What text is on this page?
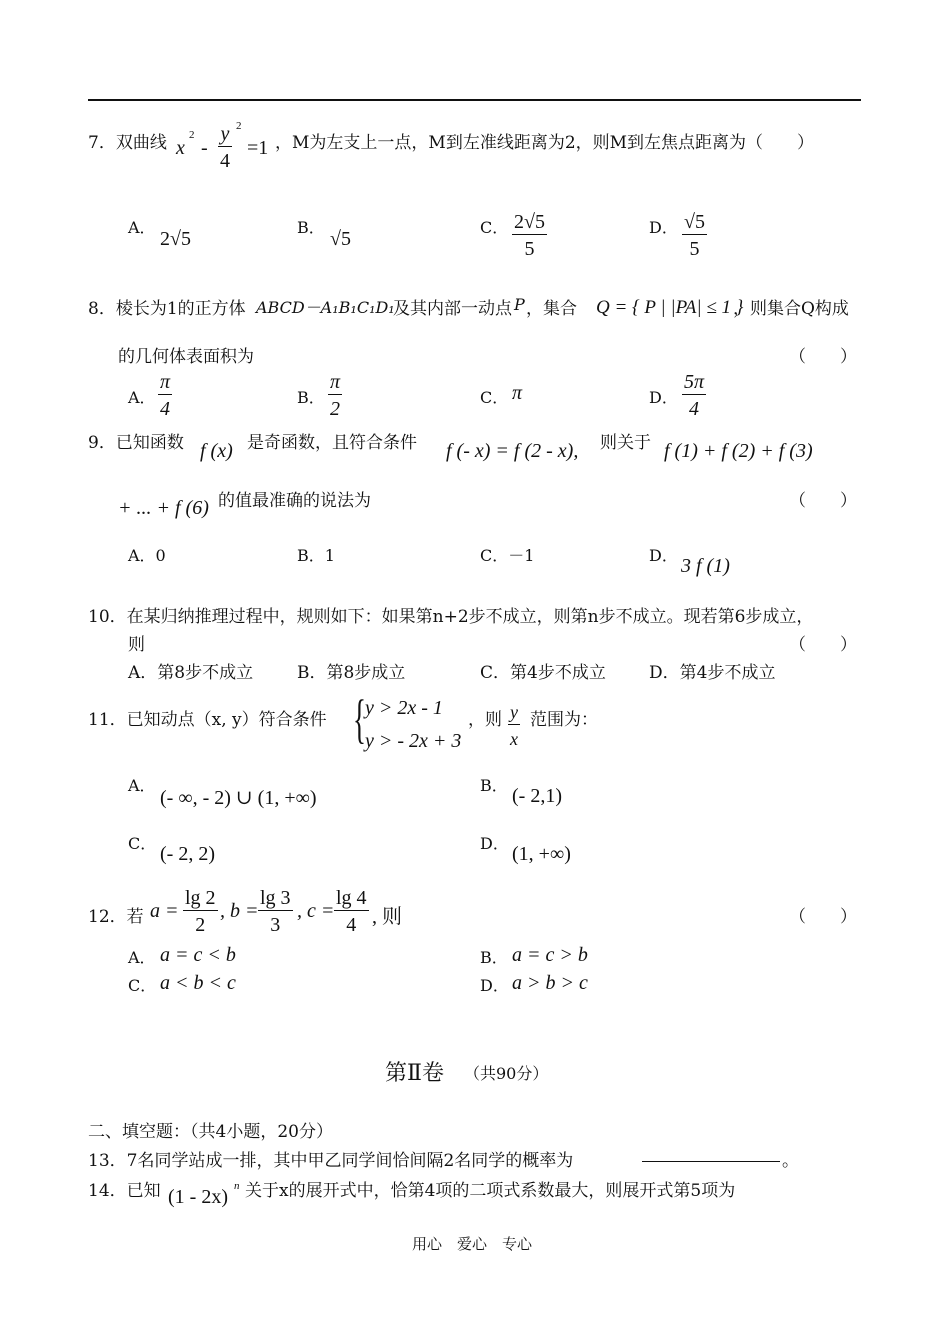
7．双曲线 x
2
- $\frac{y}{4} 2$
=1 ，M为左支上一点，M到左准线距离为2，则M到左焦点距离为（　　）
A．
2√5
B．
√5
C． $\frac{2√5}{5}$	D． $\frac{√5}{5}$
8．棱长为1的正方体 ABCD－A₁B₁C₁D₁
及其内部一动点 P ，集合 Q = { P | |PA| ≤ 1 }
，则集合Q构成
的几何体表面积为	（　　）
A． $\frac{\pi}{4}$	B． $\frac{\pi}{2}$	C． π	D． $\frac{5\pi}{4}$
9．已知函数 f (x) 是奇函数，且符合条件 f (- x) = f (2 - x), 则关于 f (1) + f (2) + f (3)
+ ... + f (6) 的值最准确的说法为	（　　）
A．0	B．1	C．－1	D． 3 f (1)
10．在某归纳推理过程中，规则如下：如果第n+2步不成立，则第n步不成立。现若第6步成立，
则	（　　）
A．第8步不成立	B．第8步成立	C．第4步不成立	D．第4步不成立
11．已知动点（x, y）符合条件 { y > 2x - 1
y > - 2x + 3
，则 $\frac{y}{x}$ 范围为：
A．
(- ∞, - 2) ∪ (1, +∞)
B． (- 2,1)
C． (- 2, 2)	D． (1, +∞)
12．若 $a = \frac{\lg 2}{2}$ , $b = \frac{\lg 3}{3}$ , $c = \frac{\lg 4}{4}$ , 则	（　　）
A． a = c < b	B． a = c > b
C． a < b < c	D． a > b > c
第Ⅱ卷 （共90分）
二、填空题：（共4小题，20分）
13．7名同学站成一排，其中甲乙同学间恰间隔2名同学的概率为	。
14．已知 (1 - 2x) n 关于x的展开式中，恰第4项的二项式系数最大，则展开式第5项为
用心　爱心　专心
